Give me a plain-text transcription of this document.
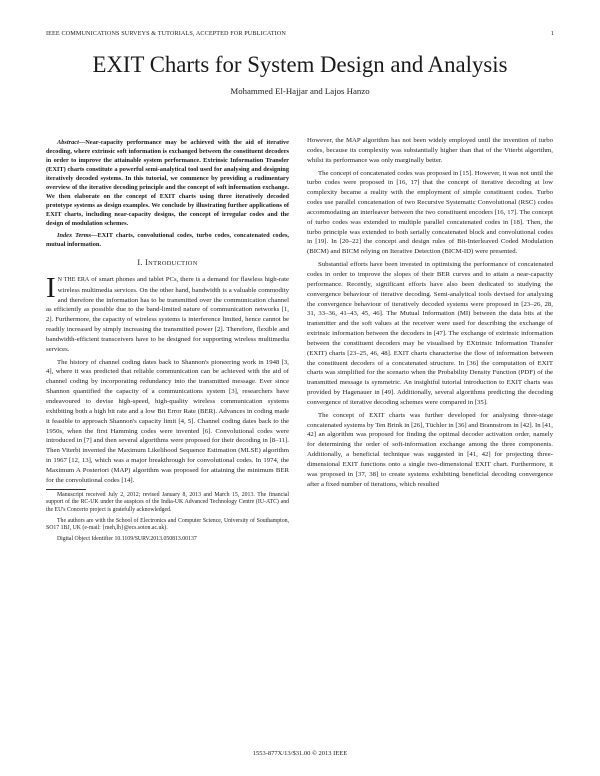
IEEE COMMUNICATIONS SURVEYS & TUTORIALS, ACCEPTED FOR PUBLICATION	1
EXIT Charts for System Design and Analysis
Mohammed El-Hajjar and Lajos Hanzo

Abstract—Near-capacity performance may be achieved with the aid of iterative decoding, where extrinsic soft information is exchanged between the constituent decoders in order to improve the attainable system performance. Extrinsic Information Transfer (EXIT) charts constitute a powerful semi-analytical tool used for analysing and designing iteratively decoded systems. In this tutorial, we commence by providing a rudimentary overview of the iterative decoding principle and the concept of soft information exchange. We then elaborate on the concept of EXIT charts using three iteratively decoded prototype systems as design examples. We conclude by illustrating further applications of EXIT charts, including near-capacity designs, the concept of irregular codes and the design of modulation schemes.

Index Terms—EXIT charts, convolutional codes, turbo codes, concatenated codes, mutual information.

I. INTRODUCTION

I N THE ERA of smart phones and tablet PCs, there is a demand for flawless high-rate wireless multimedia services. On the other hand, bandwidth is a valuable commodity and therefore the information has to be transmitted over the communication channel as efficiently as possible due to the band-limited nature of communication networks [1, 2]. Furthermore, the capacity of wireless systems is interference limited, hence cannot be readily increased by simply increasing the transmitted power [2]. Therefore, flexible and bandwidth-efficient transceivers have to be designed for supporting wireless multimedia services.

The history of channel coding dates back to Shannon's pioneering work in 1948 [3, 4], where it was predicted that reliable communication can be achieved with the aid of channel coding by incorporating redundancy into the transmitted message. Ever since Shannon quantified the capacity of a communications system [3], researchers have endeavoured to devise high-speed, high-quality wireless communication systems exhibiting both a high bit rate and a low Bit Error Rate (BER). Advances in coding made it feasible to approach Shannon's capacity limit [4, 5]. Channel coding dates back to the 1950s, when the first Hamming codes were invented [6]. Convolutional codes were introduced in [7] and then several algorithms were proposed for their decoding in [8–11]. Then Viterbi invented the Maximum Likelihood Sequence Estimation (MLSE) algorithm in 1967 [12, 13], which was a major breakthrough for convolutional codes. In 1974, the Maximum A Posteriori (MAP) algorithm was proposed for attaining the minimum BER for the convolutional codes [14].

Manuscript received July 2, 2012; revised January 8, 2013 and March 15, 2013. The financial support of the RC-UK under the auspices of the India-UK Advanced Technology Centre (IU-ATC) and the EU's Concerto project is gratefully acknowledged.

The authors are with the School of Electronics and Computer Science, University of Southampton, SO17 1BJ, UK (e-mail: {meh,lh}@ecs.soton.ac.uk).

Digital Object Identifier 10.1109/SURV.2013.050813.00137

However, the MAP algorithm has not been widely employed until the invention of turbo codes, because its complexity was substantially higher than that of the Viterbi algorithm, whilst its performance was only marginally better.

The concept of concatenated codes was proposed in [15]. However, it was not until the turbo codes were proposed in [16, 17] that the concept of iterative decoding at low complexity became a reality with the employment of simple constituent codes. Turbo codes use parallel concatenation of two Recursive Systematic Convolutional (RSC) codes accommodating an interleaver between the two constituent encoders [16, 17]. The concept of turbo codes was extended to multiple parallel concatenated codes in [18]. Then, the turbo principle was extended to both serially concatenated block and convolutional codes in [19]. In [20–22] the concept and design rules of Bit-Interleaved Coded Modulation (BICM) and BICM relying on Iterative Detection (BICM-ID) were presented.

Substantial efforts have been invested in optimising the performance of concatenated codes in order to improve the slopes of their BER curves and to attain a near-capacity performance. Recently, significant efforts have also been dedicated to studying the convergence behaviour of iterative decoding. Semi-analytical tools devised for analysing the convergence behaviour of iteratively decoded systems were proposed in [23–26, 28, 31, 33–36, 41–43, 45, 46]. The Mutual Information (MI) between the data bits at the transmitter and the soft values at the receiver were used for describing the exchange of extrinsic information between the decoders in [47]. The exchange of extrinsic information between the constituent decoders may be visualised by EXtrinsic Information Transfer (EXIT) charts [23–25, 46, 48]. EXIT charts characterise the flow of information between the constituent decoders of a concatenated structure. In [36] the computation of EXIT charts was simplified for the scenario when the Probability Density Function (PDF) of the transmitted message is symmetric. An insightful tutorial introduction to EXIT charts was provided by Hagenauer in [49]. Additionally, several algorithms predicting the decoding convergence of iterative decoding schemes were compared in [35].

The concept of EXIT charts was further developed for analysing three-stage concatenated systems by Ten Brink in [26], Tüchler in [36] and Brannstrom in [42]. In [41, 42] an algorithm was proposed for finding the optimal decoder activation order, namely for determining the order of soft-information exchange among the three components. Additionally, a beneficial technique was suggested in [41, 42] for projecting three-dimensional EXIT functions onto a single two-dimensional EXIT chart. Furthermore, it was proposed in [37, 38] to create systems exhibiting beneficial decoding convergence after a fixed number of iterations, which resulted

1553-877X/13/$31.00 © 2013 IEEE
